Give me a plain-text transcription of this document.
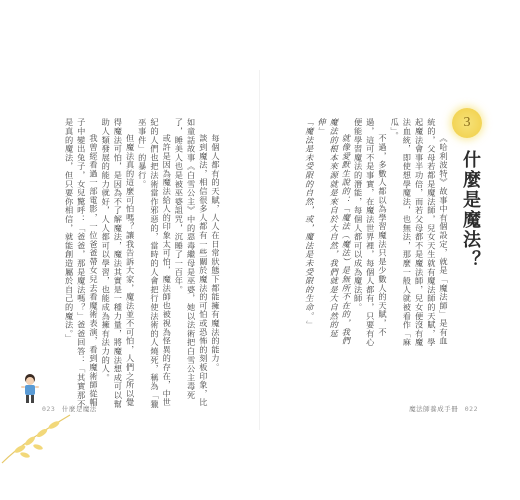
每個人都有的天賦，人人在日常狀態下都能擁有魔法的能力。

談到魔法，相信很多人都有一些關於魔法的可怕或恐怖的刻板印象，比如童話故事《白雪公主》中的惡毒繼母是巫婆，她以法術把白雪公主毒死了，睡美人也是被巫婆詛咒，沉睡了一百年。

或許是因為魔法給人的印象太可怕，魔法師也被視為怪異的存在，中世紀的人們也把法術當作邪惡的，當時的人會把行使法術的人燒死，稱為「獵巫事件」的暴行。

但魔法真的這麼可怕嗎？讓我告訴大家，魔法並不可怕，人們之所以覺得魔法可怕，是因為不了解魔法，魔法其實是一種力量，將魔法想成可以幫助人類發展的能力就好，人人都可以學習，也能成為擁有法力的人。

我曾經看過一部電影，一位爸爸帶女兒去看魔術表演，看到魔術師從帽子中變出兔子，女兒驚呼：「爸爸，那是魔法嗎？」爸爸回答：「其實那不是真的魔法，但只要你相信，就能創造屬於自己的魔法。」

023 什麼是魔法

《哈利波特》故事中有個設定，就是「魔法師」是有血統的，父母若都是魔法師，兒女天生就有魔法師的天賦，學起魔法會事半功倍，而若父母都不是魔法師，兒女便沒有魔法血統，即使想學魔法，也無法，那麼一般人就被看作「麻瓜」。

不過，多數人都以為學習魔法只是少數人的天賦，不過，這可不是事實，在魔法世界裡，每個人都有，只要有心便能學習魔法的潛能，每個人都可以成為魔法師。

就像愛默生說的：「魔法（魔法）是無所不在的，我們魔法的根本來源就是來自於大自然，我們就是大自然的延伸」

「魔法是未受限的自然，或，魔法是未受限的生命。」

魔法師養成手冊 022
3
什麼是魔法？
